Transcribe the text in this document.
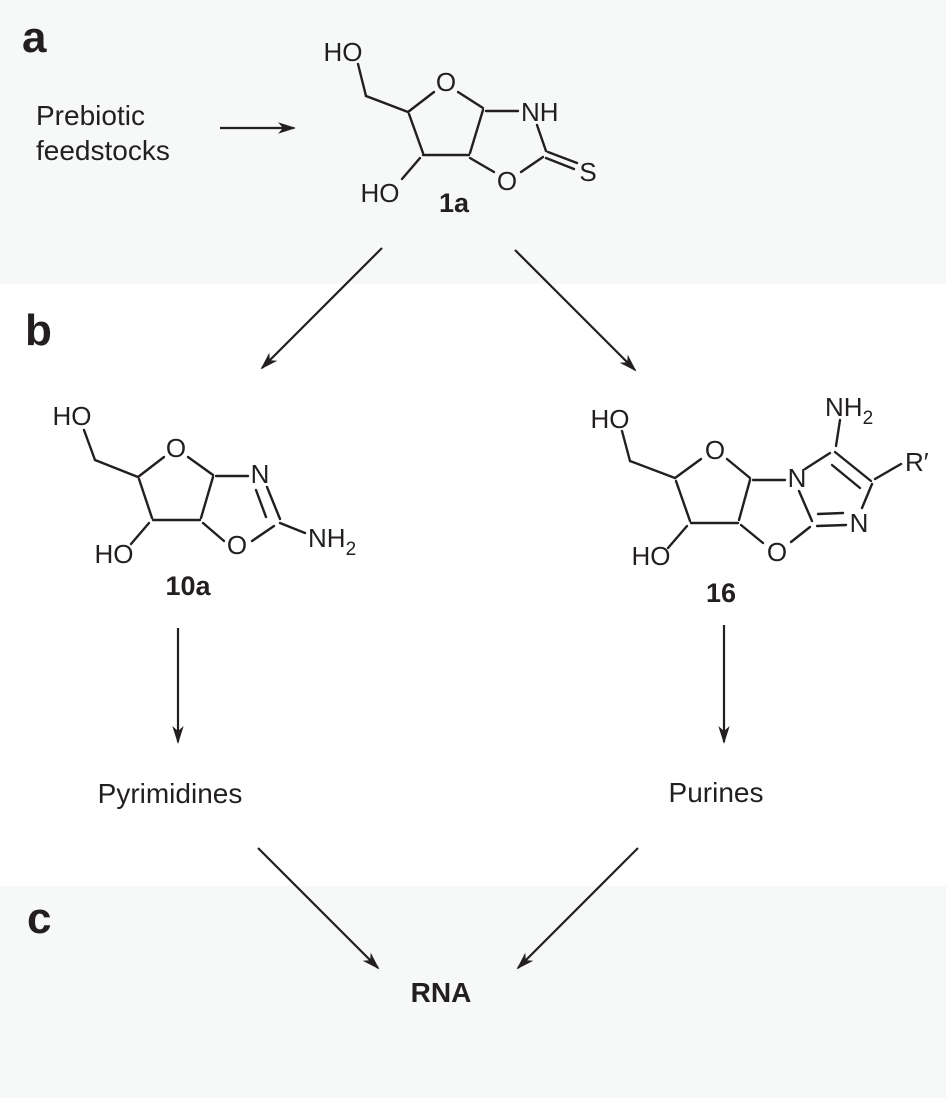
a
b
c
Prebiotic
feedstocks
HO
O
NH
S
O
HO 1a
HO
O
N
$NH_2$
O
HO
10a
HO
O
N
$NH_2$
R′
N
O
HO
16
Pyrimidines	Purines
RNA
